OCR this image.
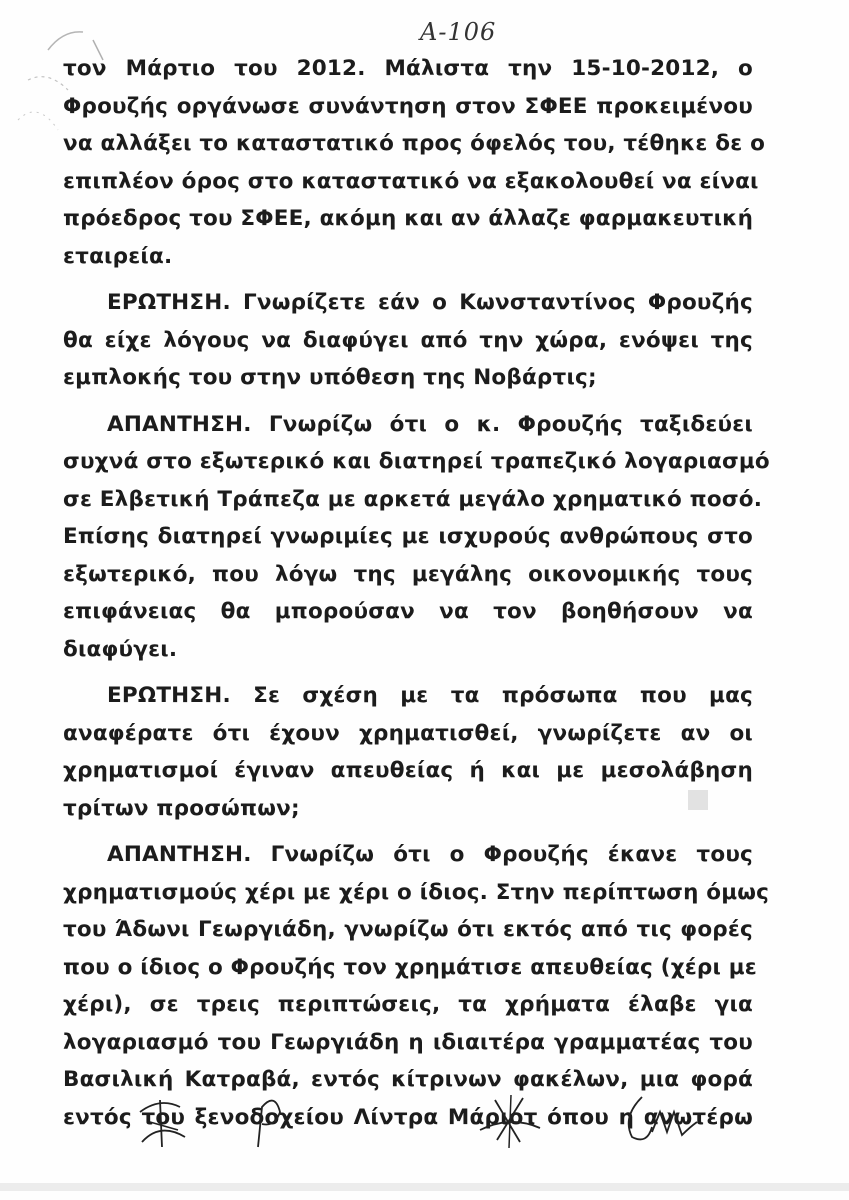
Α-106

τον Μάρτιο του 2012. Μάλιστα την 15-10-2012, ο

Φρουζής οργάνωσε συνάντηση στον ΣΦΕΕ προκειμένου

να αλλάξει το καταστατικό προς όφελός του, τέθηκε δε ο

επιπλέον όρος στο καταστατικό να εξακολουθεί να είναι

πρόεδρος του ΣΦΕΕ, ακόμη και αν άλλαζε φαρμακευτική

εταιρεία.

ΕΡΩΤΗΣΗ. Γνωρίζετε εάν ο Κωνσταντίνος Φρουζής

θα είχε λόγους να διαφύγει από την χώρα, ενόψει της

εμπλοκής του στην υπόθεση της Νοβάρτις;

ΑΠΑΝΤΗΣΗ. Γνωρίζω ότι ο κ. Φρουζής ταξιδεύει

συχνά στο εξωτερικό και διατηρεί τραπεζικό λογαριασμό

σε Ελβετική Τράπεζα με αρκετά μεγάλο χρηματικό ποσό.

Επίσης διατηρεί γνωριμίες με ισχυρούς ανθρώπους στο

εξωτερικό, που λόγω της μεγάλης οικονομικής τους

επιφάνειας θα μπορούσαν να τον βοηθήσουν να

διαφύγει.

ΕΡΩΤΗΣΗ. Σε σχέση με τα πρόσωπα που μας

αναφέρατε ότι έχουν χρηματισθεί, γνωρίζετε αν οι

χρηματισμοί έγιναν απευθείας ή και με μεσολάβηση

τρίτων προσώπων;

ΑΠΑΝΤΗΣΗ. Γνωρίζω ότι ο Φρουζής έκανε τους

χρηματισμούς χέρι με χέρι ο ίδιος. Στην περίπτωση όμως

του Άδωνι Γεωργιάδη, γνωρίζω ότι εκτός από τις φορές

που ο ίδιος ο Φρουζής τον χρημάτισε απευθείας (χέρι με

χέρι), σε τρεις περιπτώσεις, τα χρήματα έλαβε για

λογαριασμό του Γεωργιάδη η ιδιαιτέρα γραμματέας του

Βασιλική Κατραβά, εντός κίτρινων φακέλων, μια φορά

εντός του ξενοδοχείου Λίντρα Μάριοτ όπου η ανωτέρω
